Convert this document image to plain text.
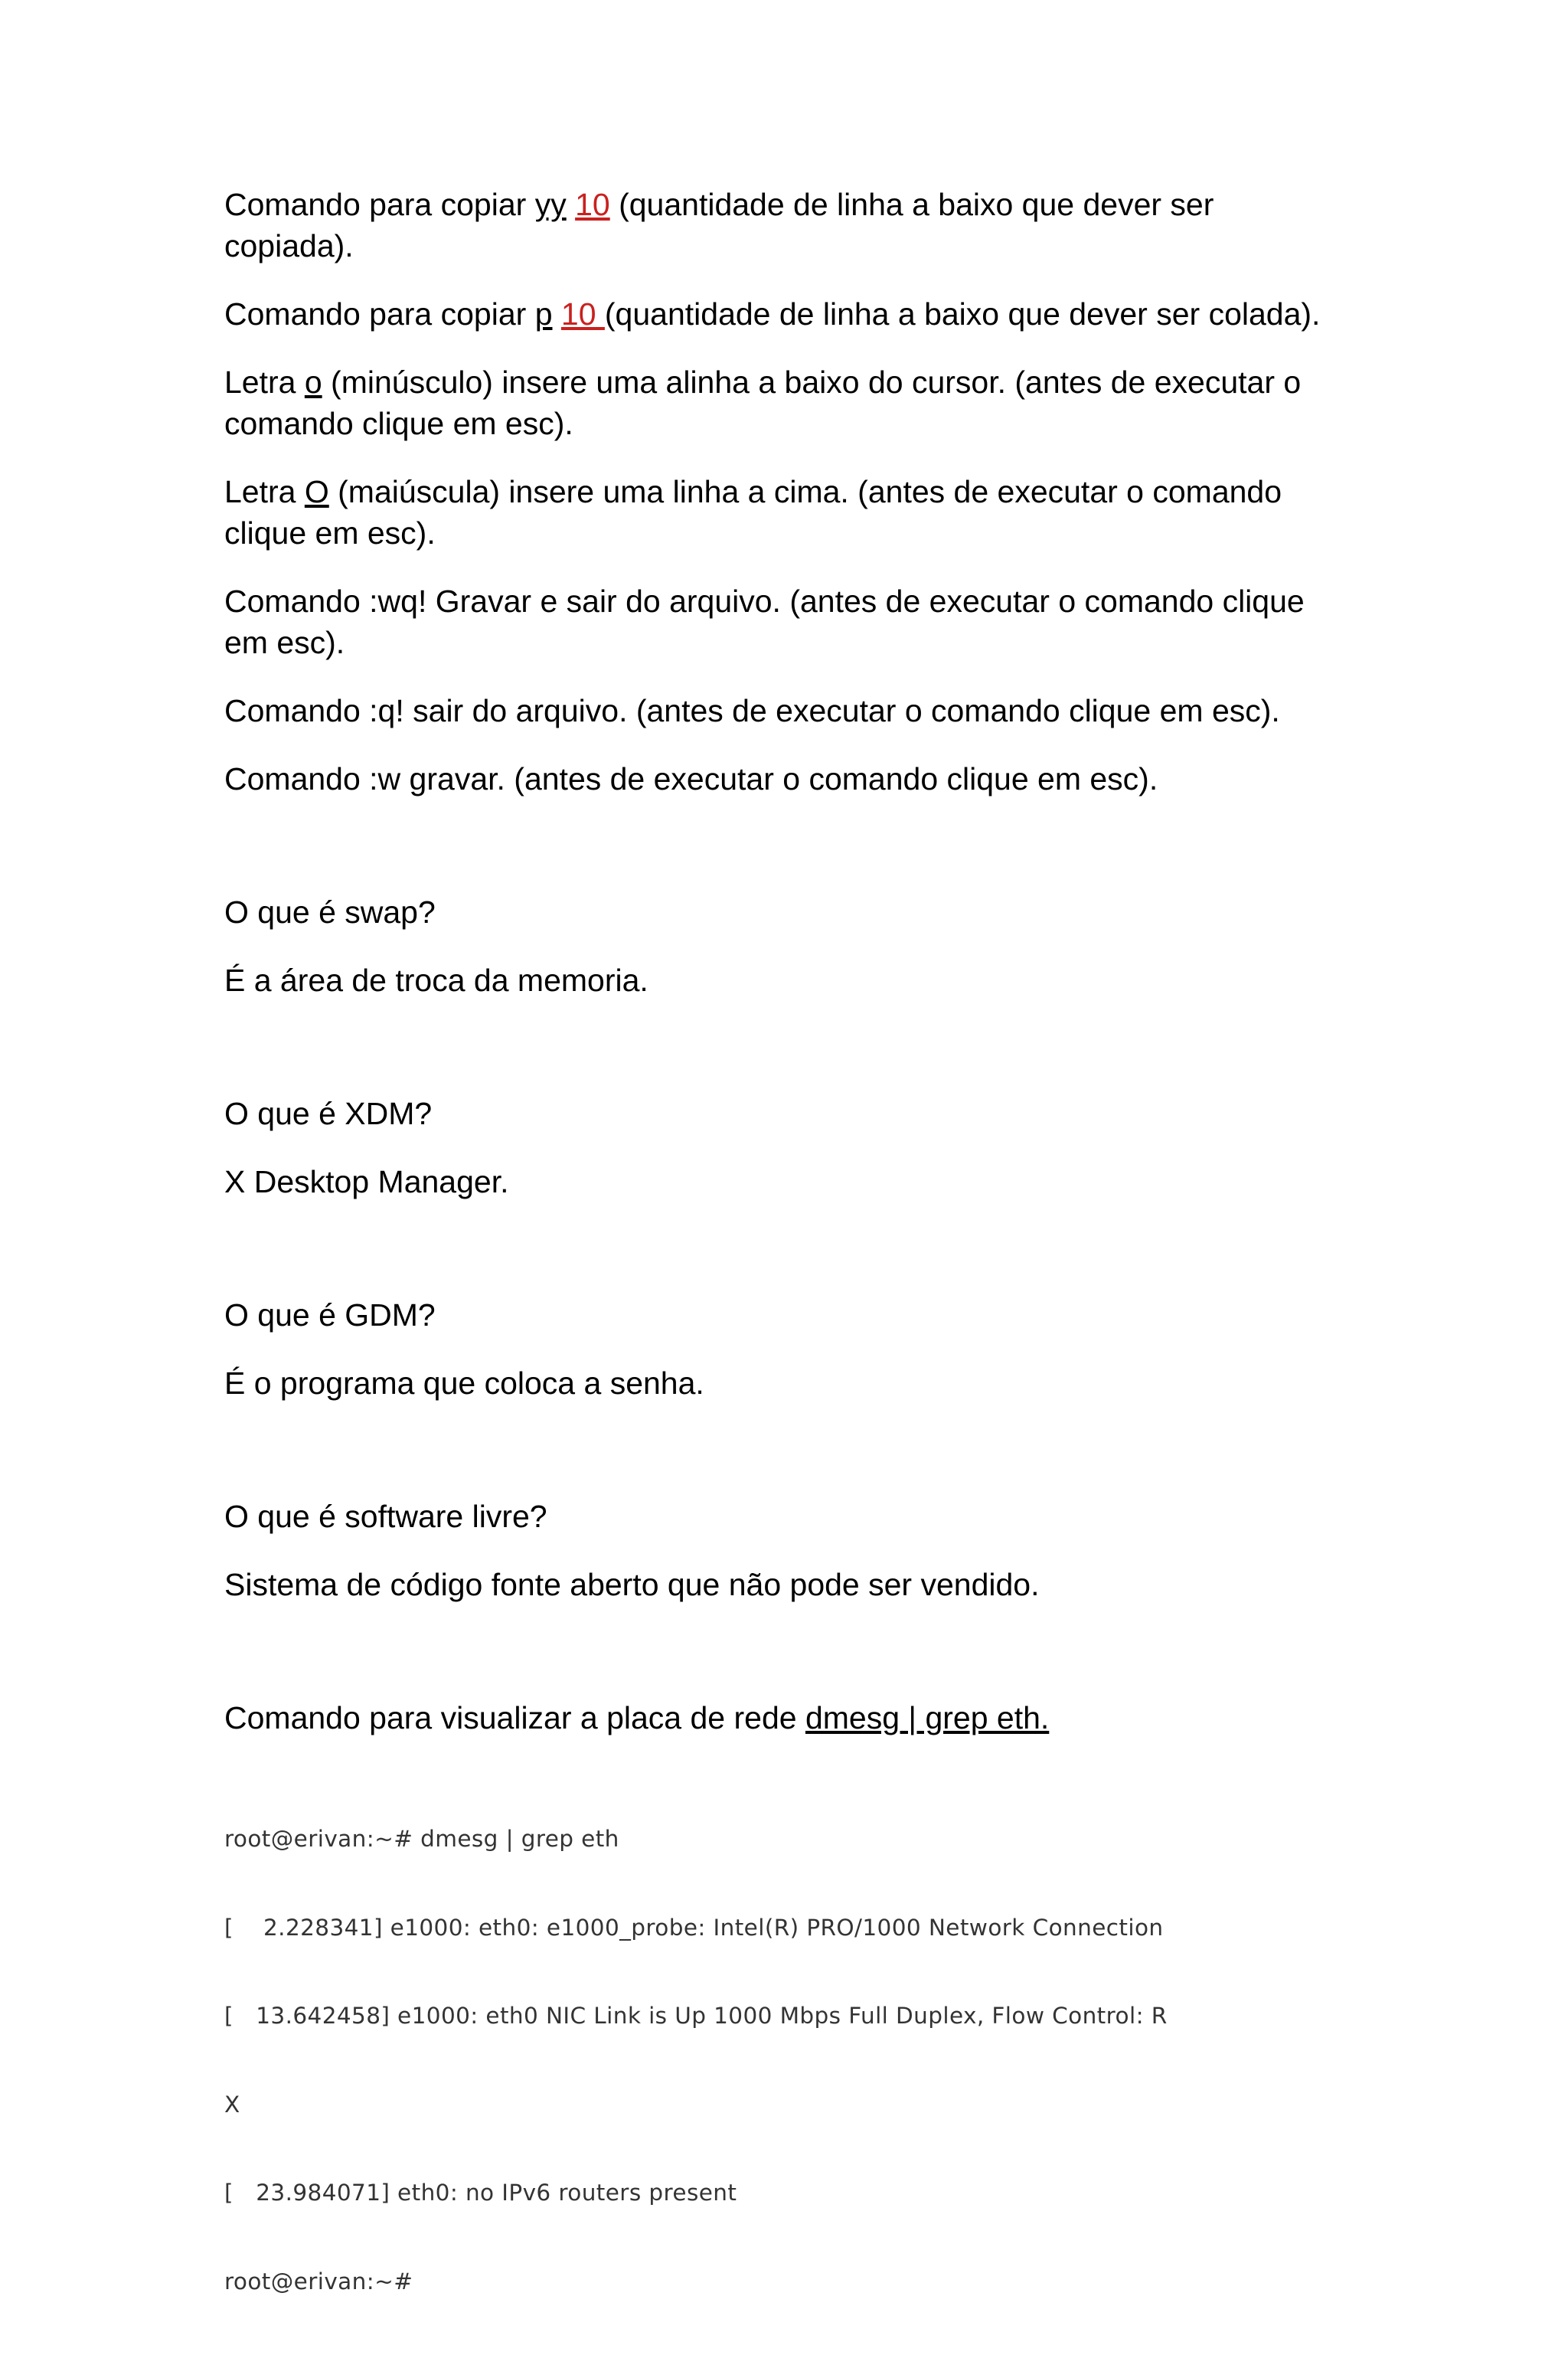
Comando para copiar yy 10 (quantidade de linha a baixo que dever ser copiada).

Comando para copiar p 10 (quantidade de linha a baixo que dever ser colada).

Letra o (minúsculo) insere uma alinha a baixo do cursor. (antes de executar o comando clique em esc).

Letra O (maiúscula) insere uma linha a cima. (antes de executar o comando clique em esc).

Comando :wq! Gravar e sair do arquivo. (antes de executar o comando clique em esc).

Comando :q! sair do arquivo. (antes de executar o comando clique em esc).

Comando :w gravar. (antes de executar o comando clique em esc).

O que é swap?

É a área de troca da memoria.

O que é XDM?

X Desktop Manager.

O que é GDM?

É o programa que coloca a senha.

O que é software livre?

Sistema de código fonte aberto que não pode ser vendido.

Comando para visualizar a placa de rede dmesg | grep eth.

root@erivan:~# dmesg | grep eth

[    2.228341] e1000: eth0: e1000_probe: Intel(R) PRO/1000 Network Connection

[   13.642458] e1000: eth0 NIC Link is Up 1000 Mbps Full Duplex, Flow Control: R

X

[   23.984071] eth0: no IPv6 routers present

root@erivan:~#
